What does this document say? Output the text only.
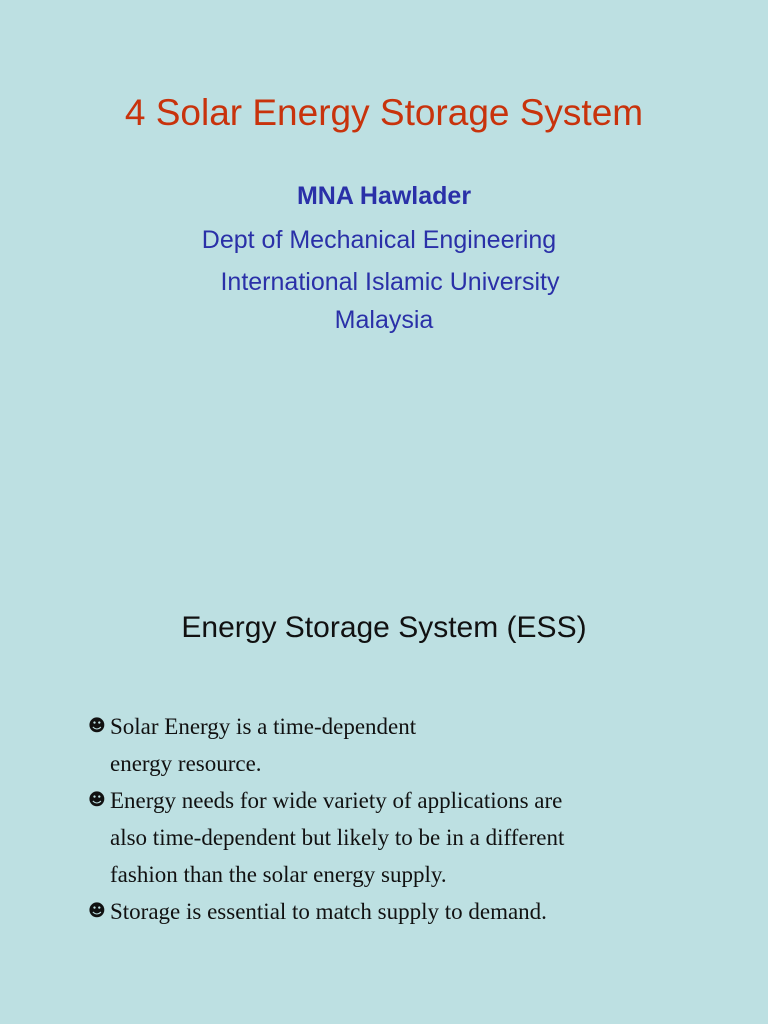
4 Solar Energy Storage System
MNA Hawlader
Dept of Mechanical Engineering
International Islamic University
Malaysia
Energy Storage System (ESS)
☻ Solar Energy is a time-dependent
energy resource.
☻ Energy needs for wide variety of applications are
also time-dependent but likely to be in a different
fashion than the solar energy supply.
☻ Storage is essential to match supply to demand.
